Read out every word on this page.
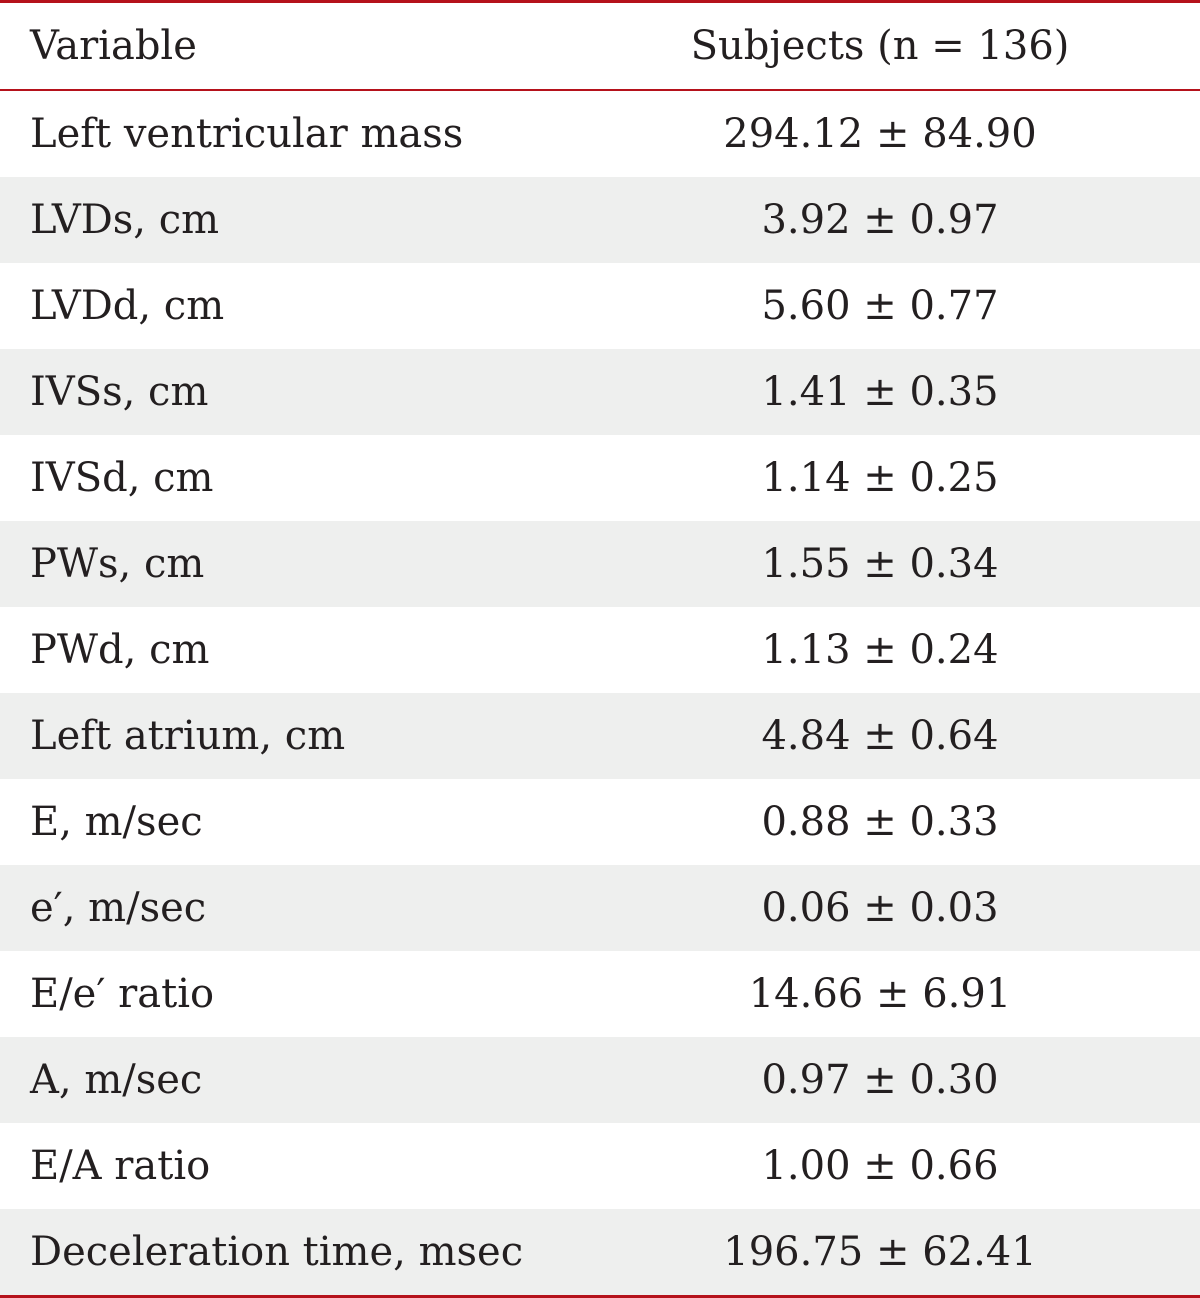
Variable	Subjects (n = 136)
Left ventricular mass	294.12 ± 84.90
LVDs, cm	3.92 ± 0.97
LVDd, cm	5.60 ± 0.77
IVSs, cm	1.41 ± 0.35
IVSd, cm	1.14 ± 0.25
PWs, cm	1.55 ± 0.34
PWd, cm	1.13 ± 0.24
Left atrium, cm	4.84 ± 0.64
E, m/sec	0.88 ± 0.33
e′, m/sec	0.06 ± 0.03
E/e′ ratio	14.66 ± 6.91
A, m/sec	0.97 ± 0.30
E/A ratio	1.00 ± 0.66
Deceleration time, msec	196.75 ± 62.41
